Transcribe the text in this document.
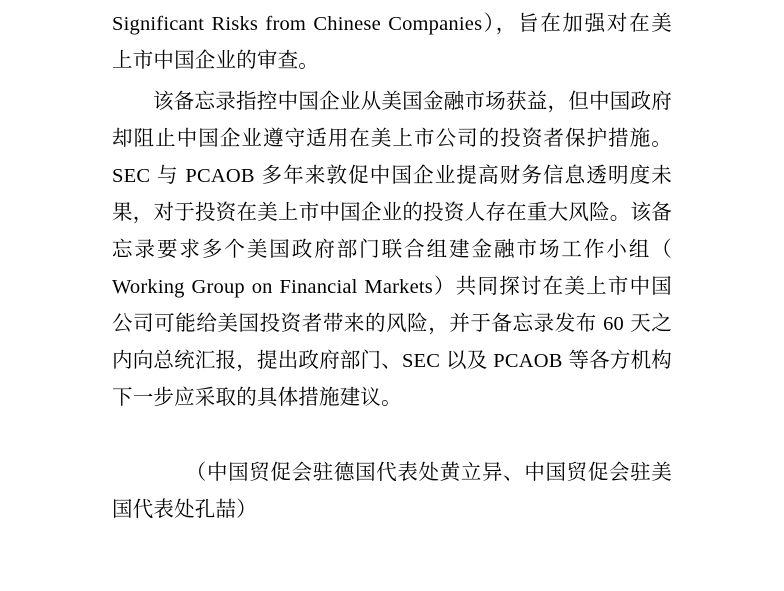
Significant Risks from Chinese Companies），旨在加强对在美上市中国企业的审查。

该备忘录指控中国企业从美国金融市场获益，但中国政府却阻止中国企业遵守适用在美上市公司的投资者保护措施。SEC 与 PCAOB 多年来敦促中国企业提高财务信息透明度未果，对于投资在美上市中国企业的投资人存在重大风险。该备忘录要求多个美国政府部门联合组建金融市场工作小组（ Working Group on Financial Markets）共同探讨在美上市中国公司可能给美国投资者带来的风险，并于备忘录发布 60 天之内向总统汇报，提出政府部门、SEC 以及 PCAOB 等各方机构下一步应采取的具体措施建议。

（中国贸促会驻德国代表处黄立异、中国贸促会驻美国代表处孔喆）
